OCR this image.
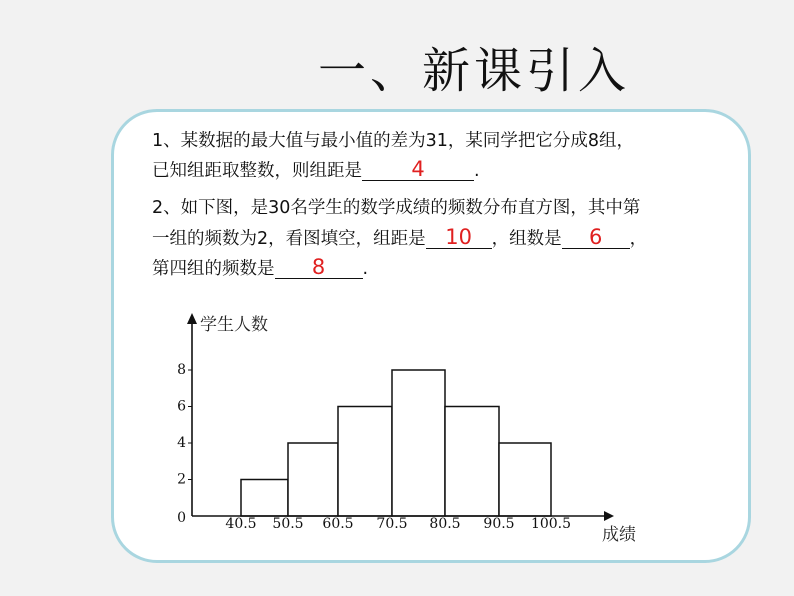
一、新课引入
1、某数据的最大值与最小值的差为31，某同学把它分成8组，
已知组距取整数，则组距是 4	.
2、如下图，是30名学生的数学成绩的频数分布直方图，其中第
一组的频数为2，看图填空，组距是 10 ，组数是 6 ，
第四组的频数是 8 .
学生人数
成绩
40.5 50.5 60.5 70.5 80.5 90.5 100.5
0
2
4
6
8
